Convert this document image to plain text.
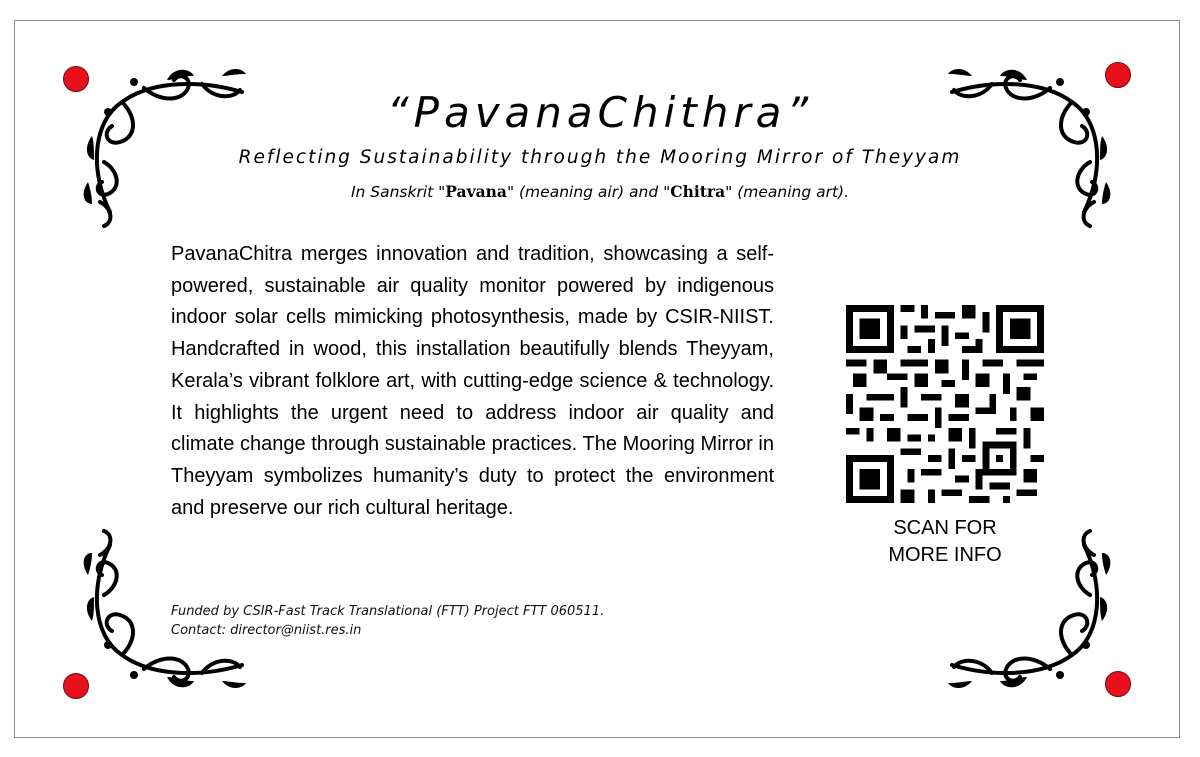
“PavanaChithra”
Reflecting Sustainability through the Mooring Mirror of Theyyam
In Sanskrit "Pavana" (meaning air) and "Chitra" (meaning art).

PavanaChitra merges innovation and tradition, showcasing a self-powered, sustainable air quality monitor powered by indigenous indoor solar cells mimicking photosynthesis, made by CSIR-NIIST. Handcrafted in wood, this installation beautifully blends Theyyam, Kerala’s vibrant folklore art, with cutting-edge science & technology. It highlights the urgent need to address indoor air quality and climate change through sustainable practices. The Mooring Mirror in Theyyam symbolizes humanity’s duty to protect the environment and preserve our rich cultural heritage.

Funded by CSIR-Fast Track Translational (FTT) Project FTT 060511.
Contact: director@niist.res.in
SCAN FOR
MORE INFO
